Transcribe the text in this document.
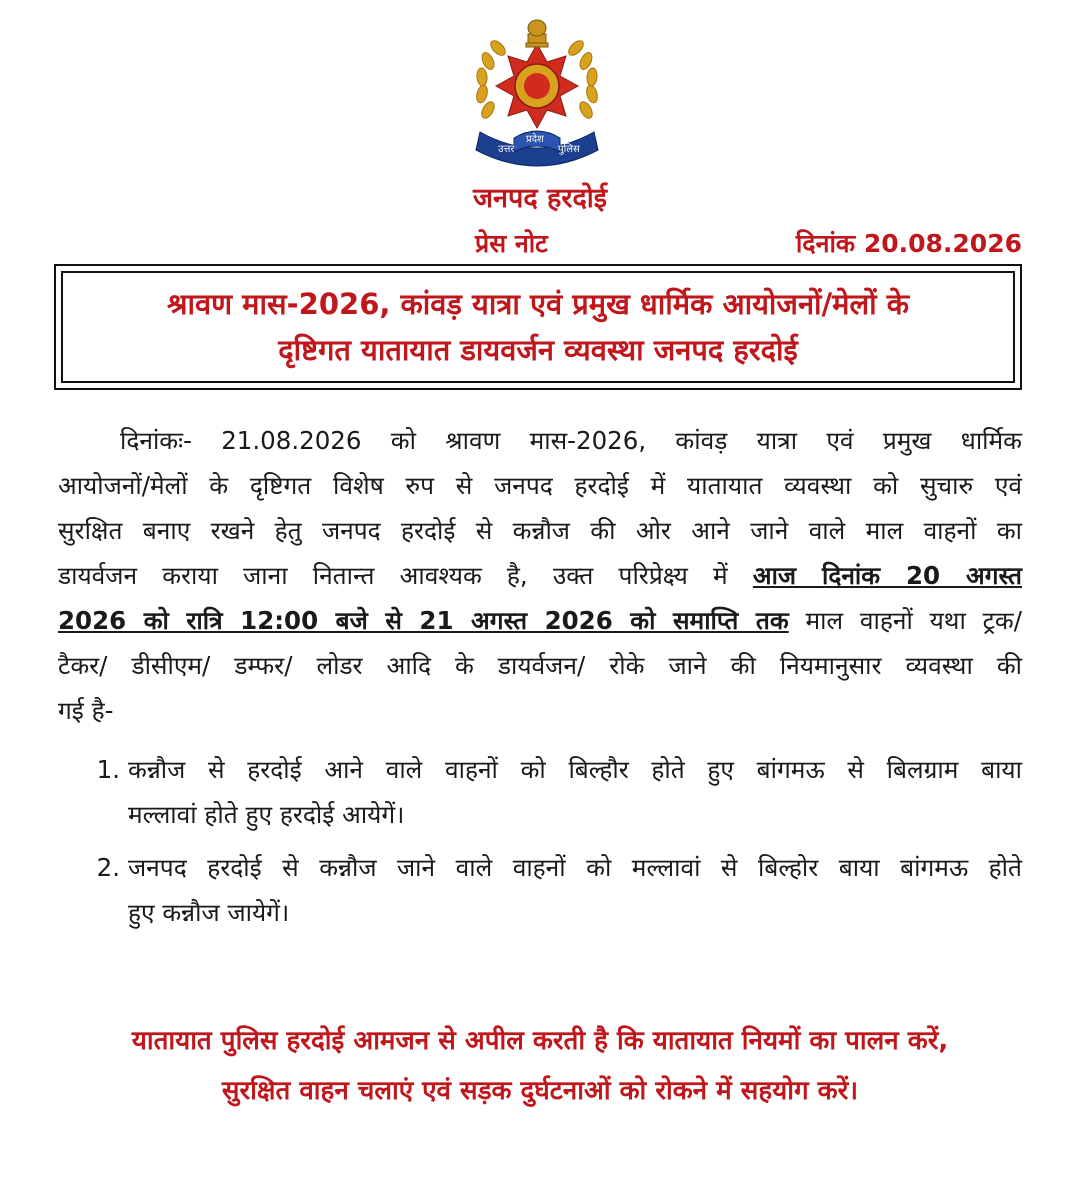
उत्तर
प्रदेश
पुलिस
जनपद हरदोई
प्रेस नोट	दिनांक 20.08.2026
श्रावण मास-2026, कांवड़ यात्रा एवं प्रमुख धार्मिक आयोजनों/मेलों के
दृष्टिगत यातायात डायवर्जन व्यवस्था जनपद हरदोई
दिनांकः- 21.08.2026 को श्रावण मास-2026, कांवड़ यात्रा एवं प्रमुख धार्मिक
आयोजनों/मेलों के दृष्टिगत विशेष रुप से जनपद हरदोई में यातायात व्यवस्था को सुचारु एवं
सुरक्षित बनाए रखने हेतु जनपद हरदोई से कन्नौज की ओर आने जाने वाले माल वाहनों का
डायर्वजन कराया जाना नितान्त आवश्यक है, उक्त परिप्रेक्ष्य में आज दिनांक 20 अगस्त
2026 को रात्रि 12:00 बजे से 21 अगस्त 2026 को समाप्ति तक माल वाहनों यथा ट्रक/
टैकर/ डीसीएम/ डम्फर/ लोडर आदि के डायर्वजन/ रोके जाने की नियमानुसार व्यवस्था की
गई है-
1. कन्नौज से हरदोई आने वाले वाहनों को बिल्हौर होते हुए बांगमऊ से बिलग्राम बाया
मल्लावां होते हुए हरदोई आयेगें।
2. जनपद हरदोई से कन्नौज जाने वाले वाहनों को मल्लावां से बिल्होर बाया बांगमऊ होते
हुए कन्नौज जायेगें।
यातायात पुलिस हरदोई आमजन से अपील करती है कि यातायात नियमों का पालन करें,
सुरक्षित वाहन चलाएं एवं सड़क दुर्घटनाओं को रोकने में सहयोग करें।
